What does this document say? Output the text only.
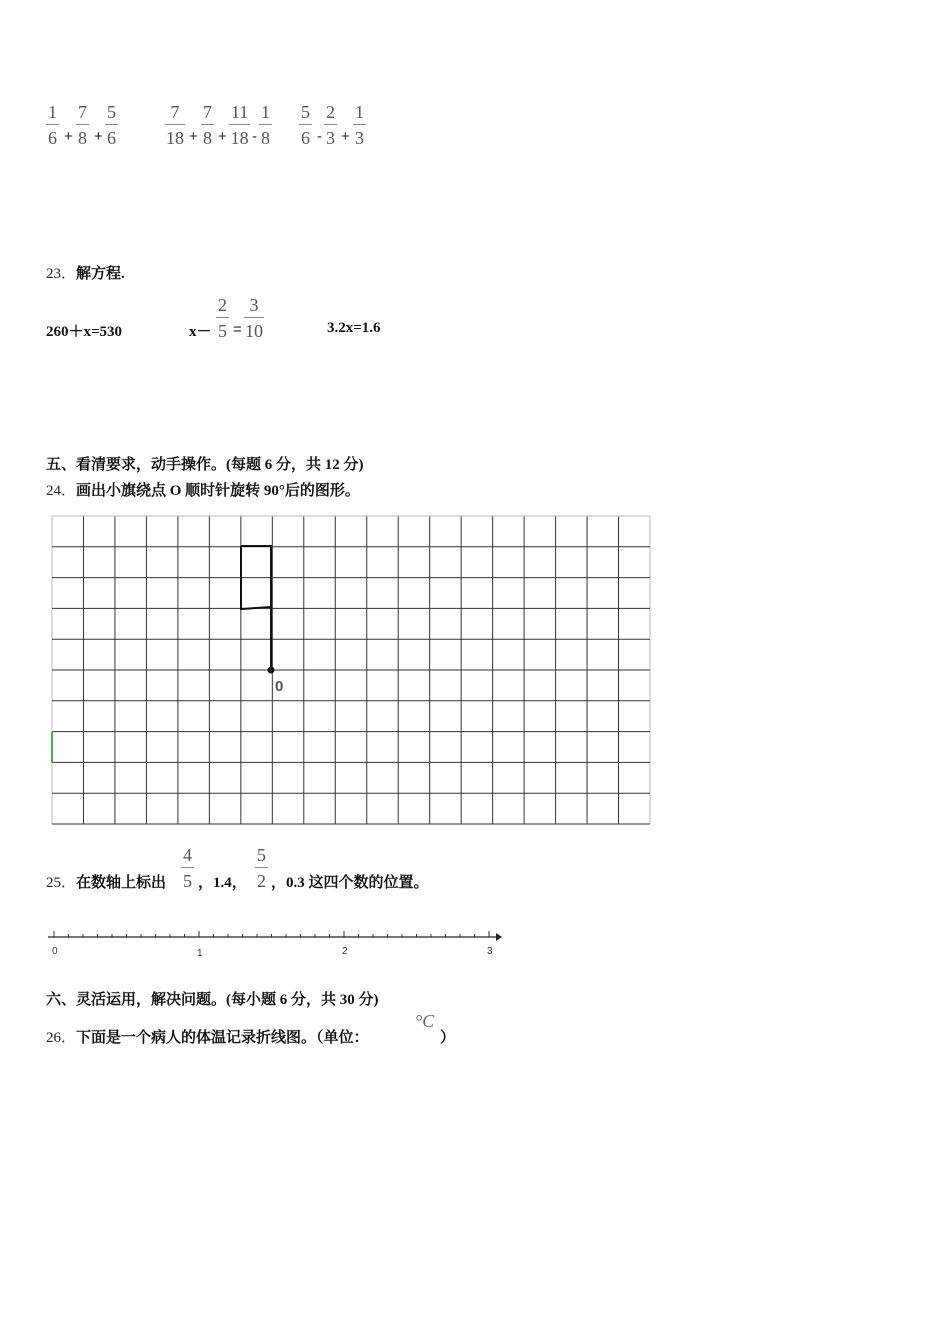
1
6 +
7
8 +
5
6
7
18 +
7
8 +
11
18 -
1
8
5
6 -
2
3 +
1
3
23．解方程.
260＋x=530	x－
2
5 =
3
10	3.2x=1.6
五、看清要求，动手操作。(每题 6 分，共 12 分)
24．画出小旗绕点 O 顺时针旋转 90°后的图形。
0
25．在数轴上标出
4
5 ，1.4，
5
2 ，0.3 这四个数的位置。
0	1	2	3
六、灵活运用，解决问题。(每小题 6 分，共 30 分)
26．下面是一个病人的体温记录折线图。（单位：
°C
）
